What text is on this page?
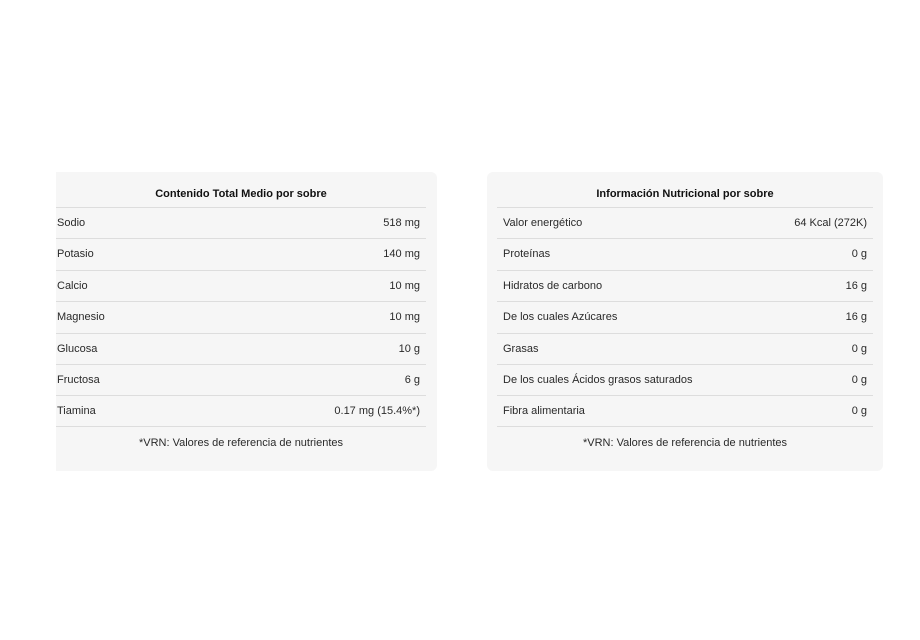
Contenido Total Medio por sobre
Sodio	518 mg
Potasio	140 mg
Calcio	10 mg
Magnesio	10 mg
Glucosa	10 g
Fructosa	6 g
Tiamina	0.17 mg (15.4%*)
*VRN: Valores de referencia de nutrientes
Información Nutricional por sobre
Valor energético	64 Kcal (272K)
Proteínas	0 g
Hidratos de carbono	16 g
De los cuales Azúcares	16 g
Grasas	0 g
De los cuales Ácidos grasos saturados	0 g
Fibra alimentaria	0 g
*VRN: Valores de referencia de nutrientes
